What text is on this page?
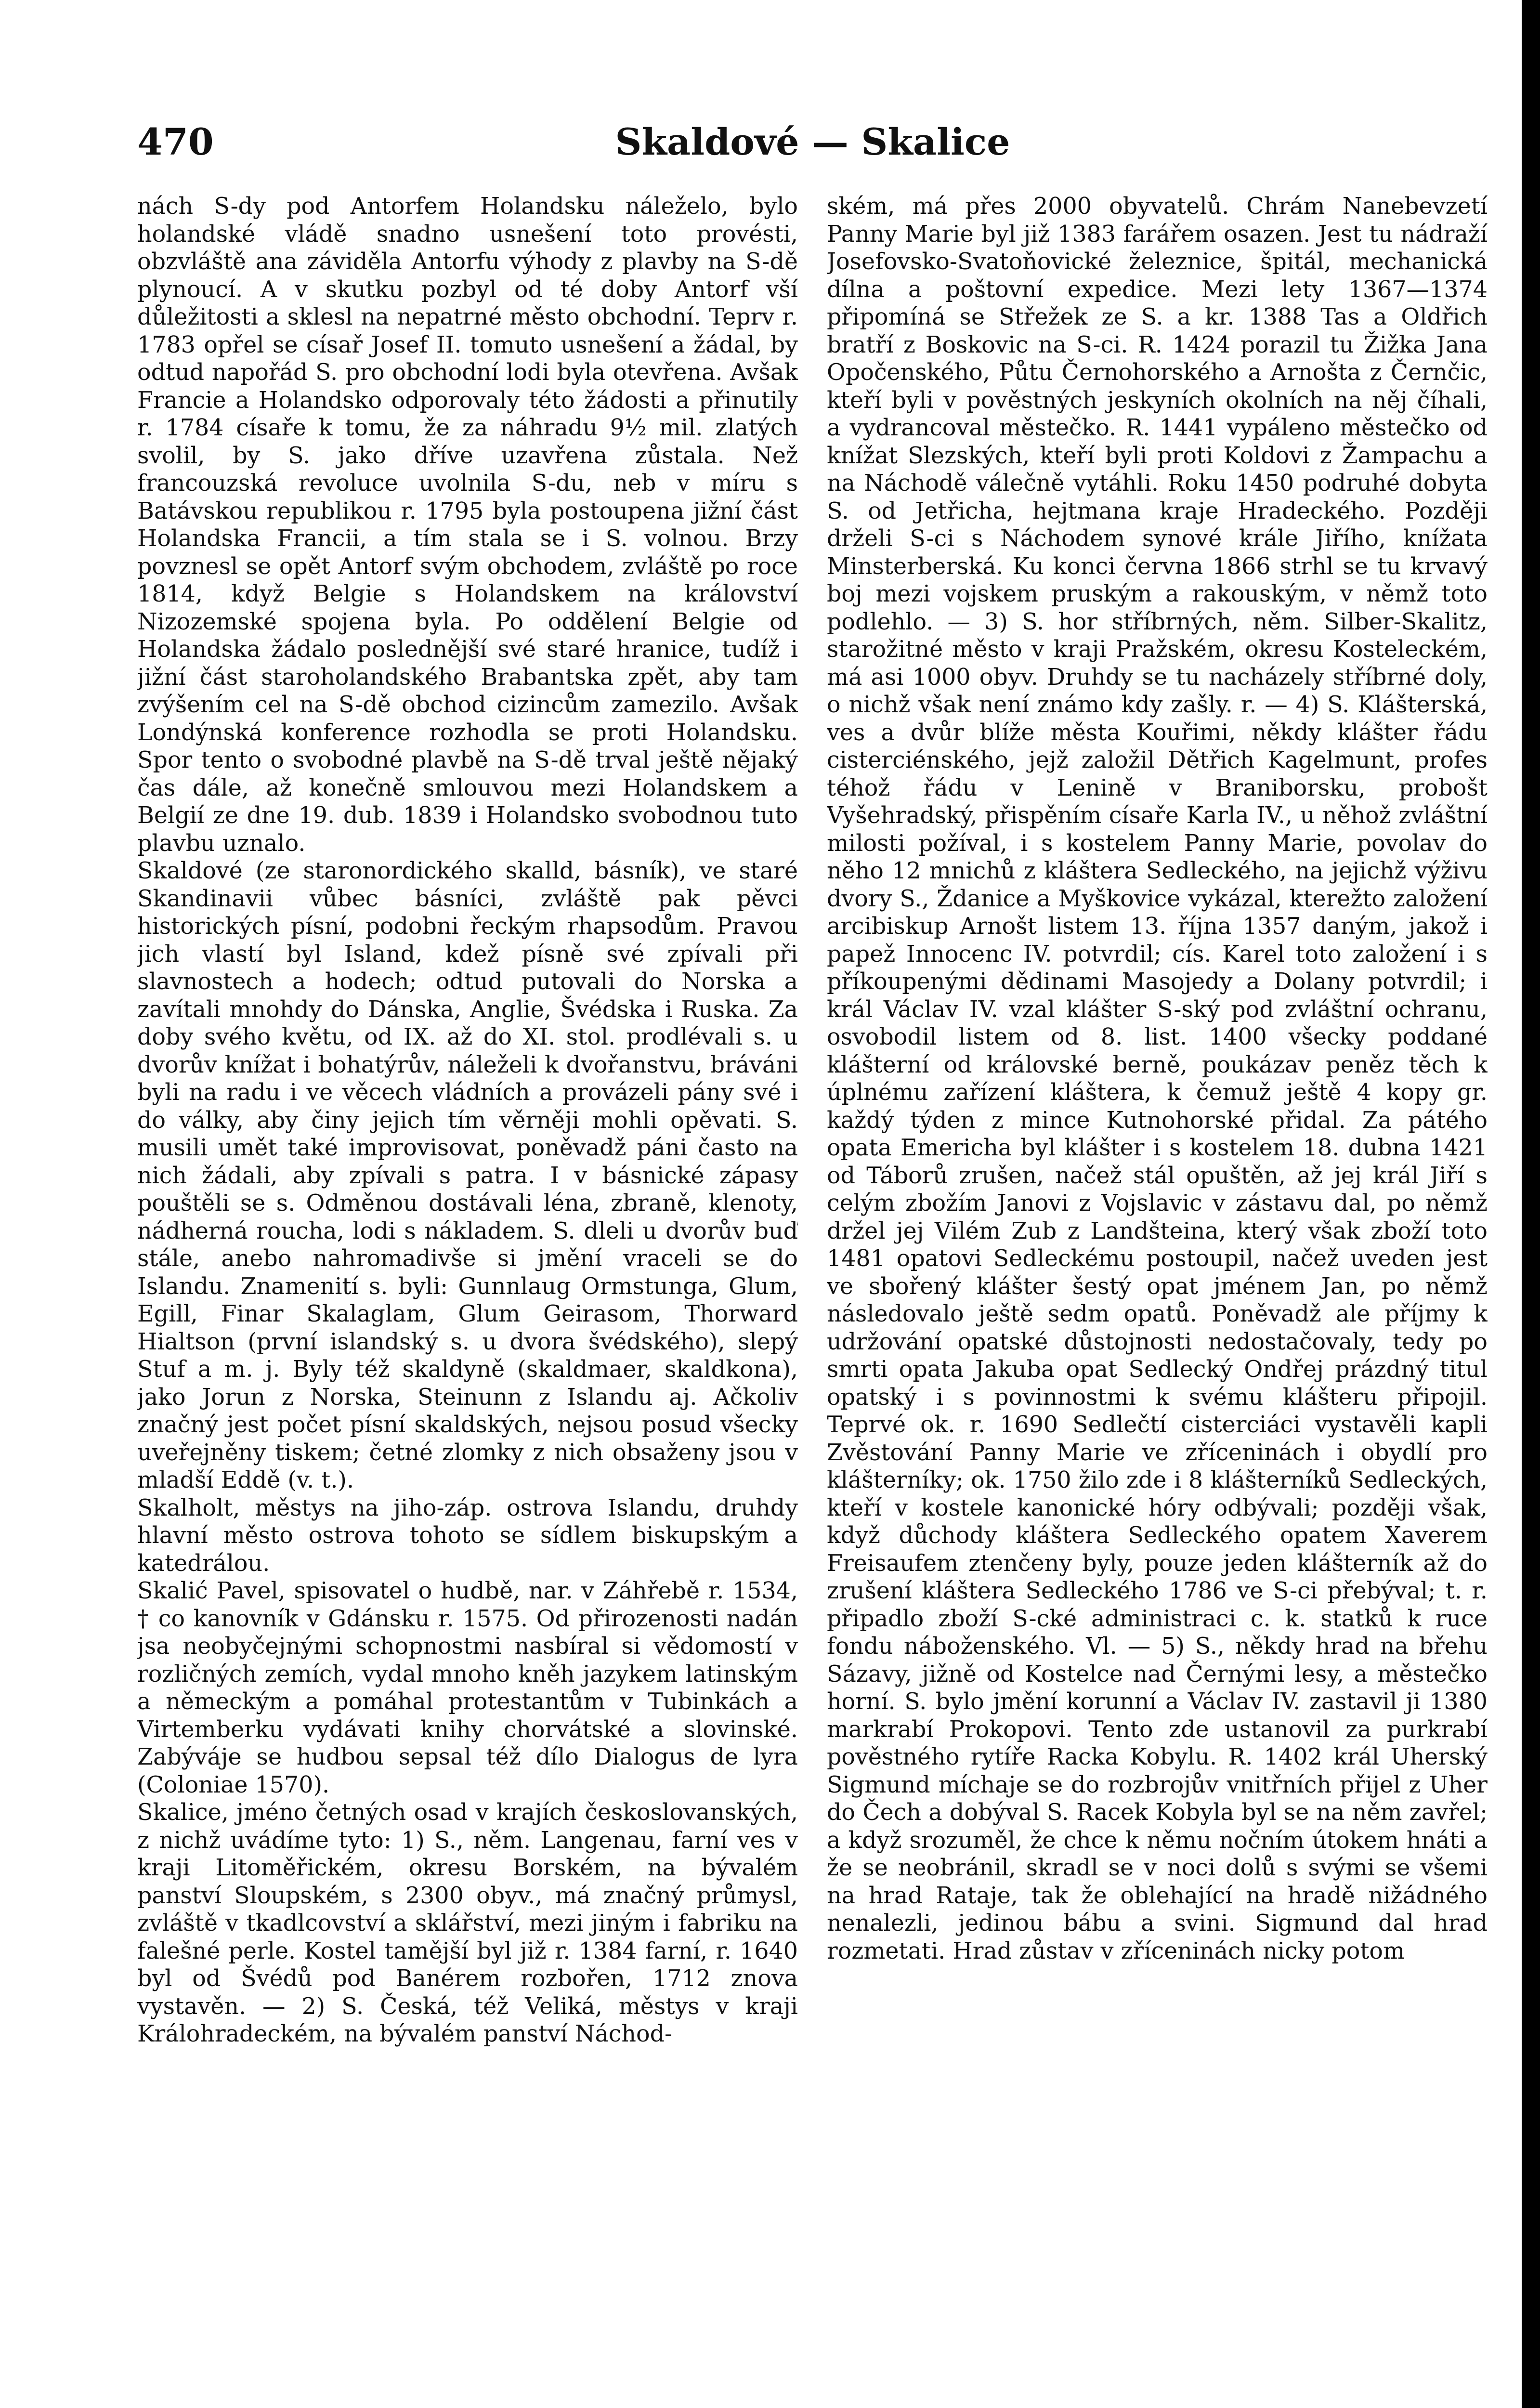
470	Skaldové — Skalice

nách S-dy pod Antorfem Holandsku náleželo, bylo holandské vládě snadno usnešení toto provésti, obzvláště ana záviděla Antorfu výhody z plavby na S-dě plynoucí. A v skutku pozbyl od té doby Antorf vší důležitosti a sklesl na nepatrné město obchodní. Teprv r. 1783 opřel se císař Josef II. tomuto usnešení a žádal, by odtud napořád S. pro obchodní lodi byla otevřena. Avšak Francie a Holandsko odporovaly této žádosti a přinutily r. 1784 císaře k tomu, že za náhradu 9½ mil. zlatých svolil, by S. jako dříve uzavřena zůstala. Než francouzská revoluce uvolnila S-du, neb v míru s Batávskou republikou r. 1795 byla postoupena jižní část Holandska Francii, a tím stala se i S. volnou. Brzy povznesl se opět Antorf svým obchodem, zvláště po roce 1814, když Belgie s Holandskem na království Nizozemské spojena byla. Po oddělení Belgie od Holandska žádalo poslednější své staré hranice, tudíž i jižní část staroholandského Brabantska zpět, aby tam zvýšením cel na S-dě obchod cizincům zamezilo. Avšak Londýnská konference rozhodla se proti Holandsku. Spor tento o svobodné plavbě na S-dě trval ještě nějaký čas dále, až konečně smlouvou mezi Holandskem a Belgií ze dne 19. dub. 1839 i Holandsko svobodnou tuto plavbu uznalo.

Skaldové (ze staronordického skalld, básník), ve staré Skandinavii vůbec básníci, zvláště pak pěvci historických písní, podobni řeckým rhapsodům. Pravou jich vlastí byl Island, kdež písně své zpívali při slavnostech a hodech; odtud putovali do Norska a zavítali mnohdy do Dánska, Anglie, Švédska i Ruska. Za doby svého květu, od IX. až do XI. stol. prodlévali s. u dvorův knížat i bohatýrův, náleželi k dvořanstvu, bráváni byli na radu i ve věcech vládních a provázeli pány své i do války, aby činy jejich tím věrněji mohli opěvati. S. musili umět také improvisovat, poněvadž páni často na nich žádali, aby zpívali s patra. I v básnické zápasy pouštěli se s. Odměnou dostávali léna, zbraně, klenoty, nádherná roucha, lodi s nákladem. S. dleli u dvorův buď stále, anebo nahromadivše si jmění vraceli se do Islandu. Znamenití s. byli: Gunnlaug Ormstunga, Glum, Egill, Finar Skalaglam, Glum Geirasom, Thorward Hialtson (první islandský s. u dvora švédského), slepý Stuf a m. j. Byly též skaldyně (skaldmaer, skaldkona), jako Jorun z Norska, Steinunn z Islandu aj. Ačkoliv značný jest počet písní skaldských, nejsou posud všecky uveřejněny tiskem; četné zlomky z nich obsaženy jsou v mladší Eddě (v. t.).

Skalholt, městys na jiho-záp. ostrova Islandu, druhdy hlavní město ostrova tohoto se sídlem biskupským a katedrálou.

Skalić Pavel, spisovatel o hudbě, nar. v Záhřebě r. 1534, † co kanovník v Gdánsku r. 1575. Od přirozenosti nadán jsa neobyčejnými schopnostmi nasbíral si vědomostí v rozličných zemích, vydal mnoho kněh jazykem latinským a německým a pomáhal protestantům v Tubinkách a Virtemberku vydávati knihy chorvátské a slovinské. Zabýváje se hudbou sepsal též dílo Dialogus de lyra (Coloniae 1570).

Skalice, jméno četných osad v krajích českoslovanských, z nichž uvádíme tyto: 1) S., něm. Langenau, farní ves v kraji Litoměřickém, okresu Borském, na bývalém panství Sloupském, s 2300 obyv., má značný průmysl, zvláště v tkadlcovství a sklářství, mezi jiným i fabriku na falešné perle. Kostel tamější byl již r. 1384 farní, r. 1640 byl od Švédů pod Banérem rozbořen, 1712 znova vystavěn. — 2) S. Česká, též Veliká, městys v kraji Králohradeckém, na bývalém panství Náchod-

ském, má přes 2000 obyvatelů. Chrám Nanebevzetí Panny Marie byl již 1383 farářem osazen. Jest tu nádraží Josefovsko-Svatoňovické železnice, špitál, mechanická dílna a poštovní expedice. Mezi lety 1367—1374 připomíná se Střežek ze S. a kr. 1388 Tas a Oldřich bratří z Boskovic na S-ci. R. 1424 porazil tu Žižka Jana Opočenského, Půtu Černohorského a Arnošta z Černčic, kteří byli v pověstných jeskyních okolních na něj číhali, a vydrancoval městečko. R. 1441 vypáleno městečko od knížat Slezských, kteří byli proti Koldovi z Žampachu a na Náchodě válečně vytáhli. Roku 1450 podruhé dobyta S. od Jetřicha, hejtmana kraje Hradeckého. Později drželi S-ci s Náchodem synové krále Jiřího, knížata Minsterberská. Ku konci června 1866 strhl se tu krvavý boj mezi vojskem pruským a rakouským, v němž toto podlehlo. — 3) S. hor stříbrných, něm. Silber-Skalitz, starožitné město v kraji Pražském, okresu Kosteleckém, má asi 1000 obyv. Druhdy se tu nacházely stříbrné doly, o nichž však není známo kdy zašly. r. — 4) S. Klášterská, ves a dvůr blíže města Kouřimi, někdy klášter řádu cisterciénského, jejž založil Dětřich Kagelmunt, profes téhož řádu v Lenině v Braniborsku, probošt Vyšehradský, přispěním císaře Karla IV., u něhož zvláštní milosti požíval, i s kostelem Panny Marie, povolav do něho 12 mnichů z kláštera Sedleckého, na jejichž výživu dvory S., Ždanice a Myškovice vykázal, kterežto založení arcibiskup Arnošt listem 13. října 1357 daným, jakož i papež Innocenc IV. potvrdil; cís. Karel toto založení i s příkoupenými dědinami Masojedy a Dolany potvrdil; i král Václav IV. vzal klášter S-ský pod zvláštní ochranu, osvobodil listem od 8. list. 1400 všecky poddané klášterní od královské berně, poukázav peněz těch k úplnému zařízení kláštera, k čemuž ještě 4 kopy gr. každý týden z mince Kutnohorské přidal. Za pátého opata Emericha byl klášter i s kostelem 18. dubna 1421 od Táborů zrušen, načež stál opuštěn, až jej král Jiří s celým zbožím Janovi z Vojslavic v zástavu dal, po němž držel jej Vilém Zub z Landšteina, který však zboží toto 1481 opatovi Sedleckému postoupil, načež uveden jest ve sbořený klášter šestý opat jménem Jan, po němž následovalo ještě sedm opatů. Poněvadž ale příjmy k udržování opatské důstojnosti nedostačovaly, tedy po smrti opata Jakuba opat Sedlecký Ondřej prázdný titul opatský i s povinnostmi k svému klášteru připojil. Teprvé ok. r. 1690 Sedlečtí cisterciáci vystavěli kapli Zvěstování Panny Marie ve zříceninách i obydlí pro klášterníky; ok. 1750 žilo zde i 8 klášterníků Sedleckých, kteří v kostele kanonické hóry odbývali; později však, když důchody kláštera Sedleckého opatem Xaverem Freisaufem ztenčeny byly, pouze jeden klášterník až do zrušení kláštera Sedleckého 1786 ve S-ci přebýval; t. r. připadlo zboží S-cké administraci c. k. statků k ruce fondu náboženského. Vl. — 5) S., někdy hrad na břehu Sázavy, jižně od Kostelce nad Černými lesy, a městečko horní. S. bylo jmění korunní a Václav IV. zastavil ji 1380 markrabí Prokopovi. Tento zde ustanovil za purkrabí pověstného rytíře Racka Kobylu. R. 1402 král Uherský Sigmund míchaje se do rozbrojův vnitřních přijel z Uher do Čech a dobýval S. Racek Kobyla byl se na něm zavřel; a když srozuměl, že chce k němu nočním útokem hnáti a že se neobránil, skradl se v noci dolů s svými se všemi na hrad Rataje, tak že oblehající na hradě nižádného nenalezli, jedinou bábu a svini. Sigmund dal hrad rozmetati. Hrad zůstav v zříceninách nicky potom
